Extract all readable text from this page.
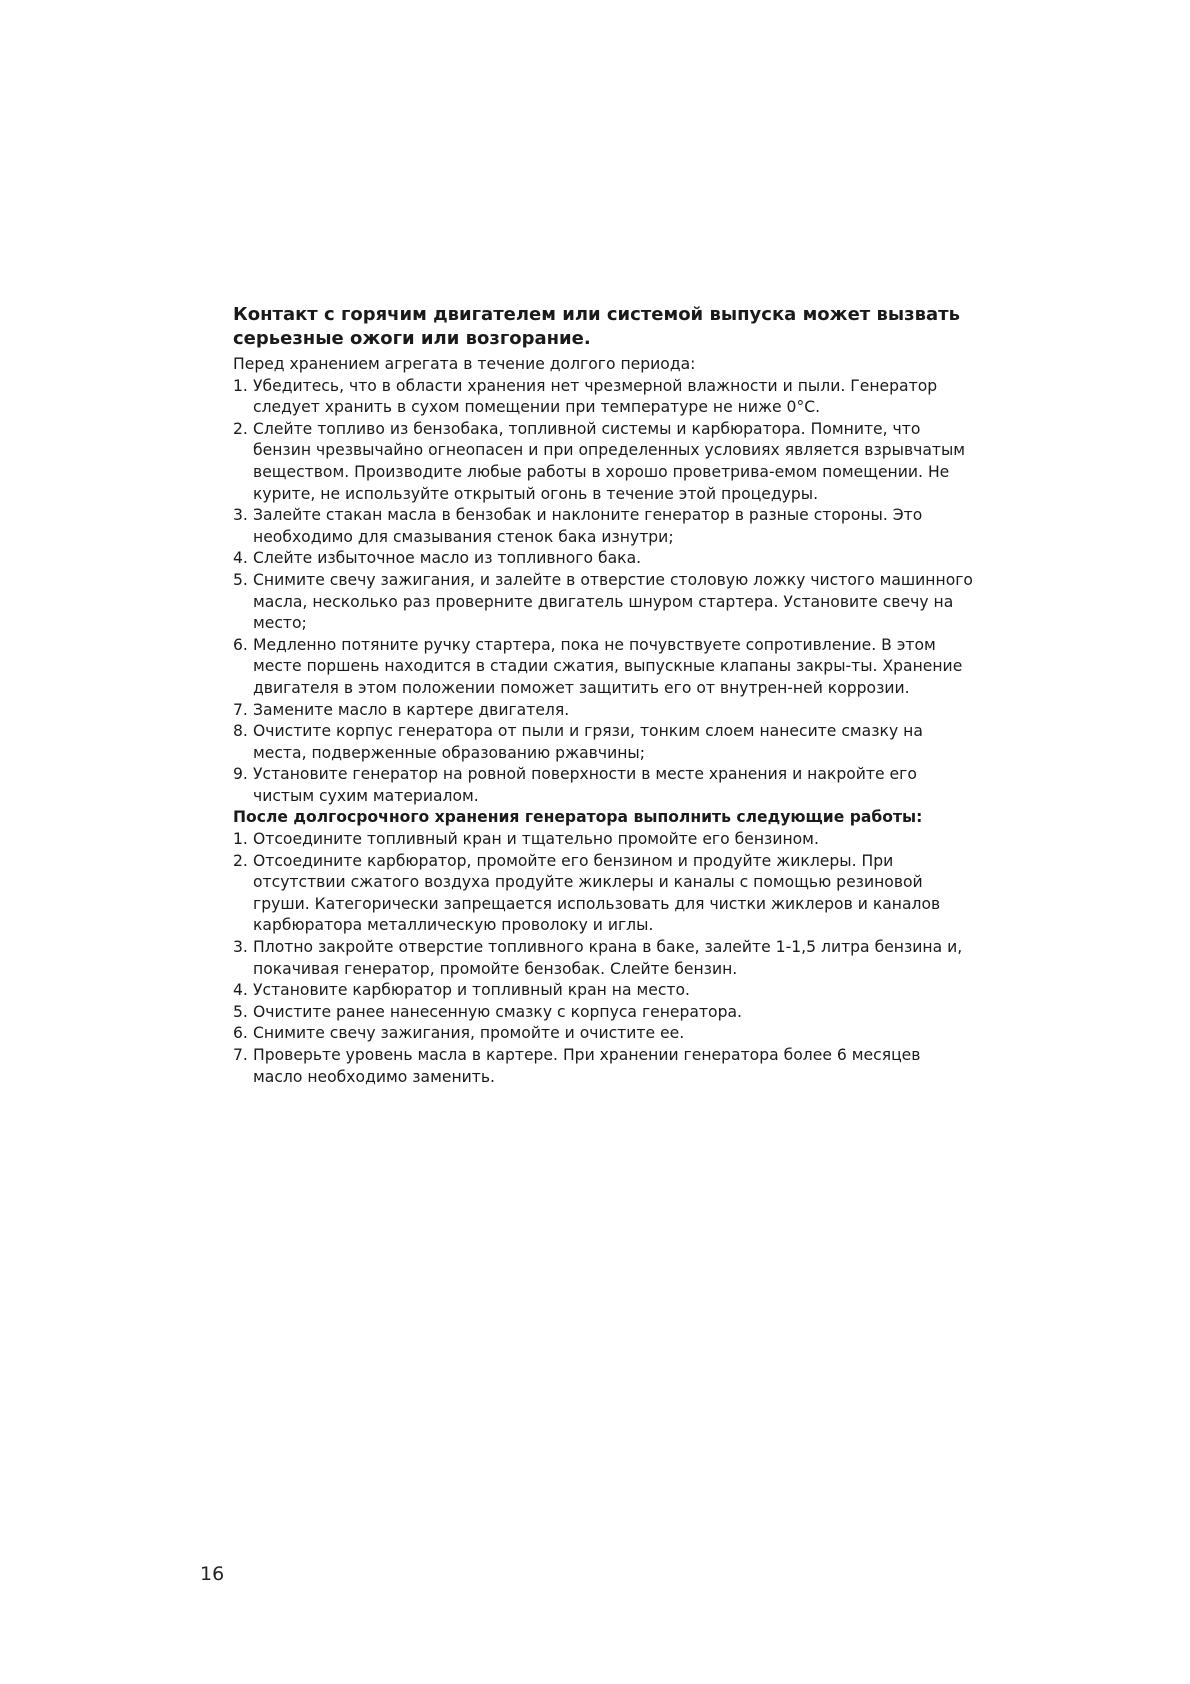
Контакт с горячим двигателем или системой выпуска может вызвать серьезные ожоги или возгорание.

Перед хранением агрегата в течение долгого периода:

1. Убедитесь, что в области хранения нет чрезмерной влажности и пыли. Генератор следует хранить в сухом помещении при температуре не ниже 0°С.
2. Слейте топливо из бензобака, топливной системы и карбюратора. Помните, что бензин чрезвычайно огнеопасен и при определенных условиях является взрывчатым веществом. Производите любые работы в хорошо проветрива-емом помещении. Не курите, не используйте открытый огонь в течение этой процедуры.
3. Залейте стакан масла в бензобак и наклоните генератор в разные стороны. Это необходимо для смазывания стенок бака изнутри;
4. Слейте избыточное масло из топливного бака.
5. Снимите свечу зажигания, и залейте в отверстие столовую ложку чистого машинного масла, несколько раз проверните двигатель шнуром стартера. Установите свечу на место;
6. Медленно потяните ручку стартера, пока не почувствуете сопротивление. В этом месте поршень находится в стадии сжатия, выпускные клапаны закры-ты. Хранение двигателя в этом положении поможет защитить его от внутрен-ней коррозии.
7. Замените масло в картере двигателя.
8. Очистите корпус генератора от пыли и грязи, тонким слоем нанесите смазку на места, подверженные образованию ржавчины;
9. Установите генератор на ровной поверхности в месте хранения и накройте его чистым сухим материалом.

После долгосрочного хранения генератора выполнить следующие работы:

1. Отсоедините топливный кран и тщательно промойте его бензином.
2. Отсоедините карбюратор, промойте его бензином и продуйте жиклеры. При отсутствии сжатого воздуха продуйте жиклеры и каналы с помощью резиновой груши. Категорически запрещается использовать для чистки жиклеров и каналов карбюратора металлическую проволоку и иглы.
3. Плотно закройте отверстие топливного крана в баке, залейте 1-1,5 литра бензина и, покачивая генератор, промойте бензобак. Слейте бензин.
4. Установите карбюратор и топливный кран на место.
5. Очистите ранее нанесенную смазку с корпуса генератора.
6. Снимите свечу зажигания, промойте и очистите ее.
7. Проверьте уровень масла в картере. При хранении генератора более 6 месяцев масло необходимо заменить.
16
